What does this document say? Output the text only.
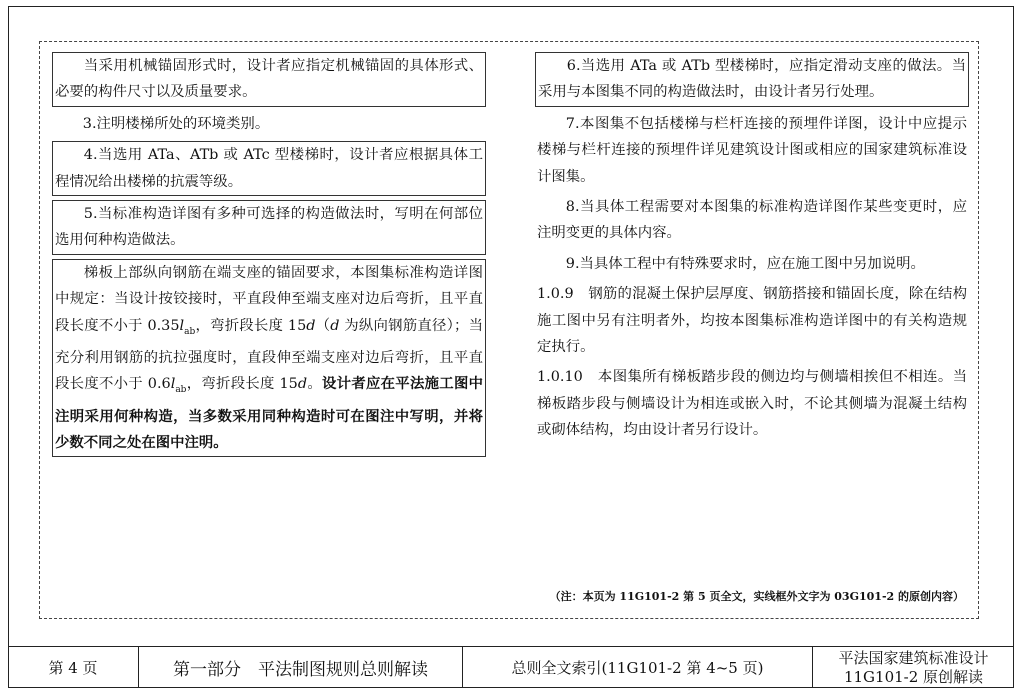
当采用机械锚固形式时，设计者应指定机械锚固的具体形式、必要的构件尺寸以及质量要求。

3.注明楼梯所处的环境类别。

4.当选用 ATa、ATb 或 ATc 型楼梯时，设计者应根据具体工程情况给出楼梯的抗震等级。

5.当标准构造详图有多种可选择的构造做法时，写明在何部位选用何种构造做法。

梯板上部纵向钢筋在端支座的锚固要求，本图集标准构造详图中规定：当设计按铰接时，平直段伸至端支座对边后弯折，且平直段长度不小于 $0.35l_{ab}$，弯折段长度 15d（d 为纵向钢筋直径）；当充分利用钢筋的抗拉强度时，直段伸至端支座对边后弯折，且平直段长度不小于 $0.6l_{ab}$，弯折段长度 15d。设计者应在平法施工图中注明采用何种构造，当多数采用同种构造时可在图注中写明，并将少数不同之处在图中注明。

6.当选用 ATa 或 ATb 型楼梯时，应指定滑动支座的做法。当采用与本图集不同的构造做法时，由设计者另行处理。

7.本图集不包括楼梯与栏杆连接的预埋件详图，设计中应提示楼梯与栏杆连接的预埋件详见建筑设计图或相应的国家建筑标准设计图集。

8.当具体工程需要对本图集的标准构造详图作某些变更时，应注明变更的具体内容。

9.当具体工程中有特殊要求时，应在施工图中另加说明。

1.0.9　钢筋的混凝土保护层厚度、钢筋搭接和锚固长度，除在结构施工图中另有注明者外，均按本图集标准构造详图中的有关构造规定执行。

1.0.10　本图集所有梯板踏步段的侧边均与侧墙相挨但不相连。当梯板踏步段与侧墙设计为相连或嵌入时，不论其侧墙为混凝土结构或砌体结构，均由设计者另行设计。

（注：本页为 11G101-2 第 5 页全文，实线框外文字为 03G101-2 的原创内容）
第 4 页	第一部分　平法制图规则总则解读	总则全文索引(11G101-2 第 4~5 页)
平法国家建筑标准设计
11G101-2 原创解读
